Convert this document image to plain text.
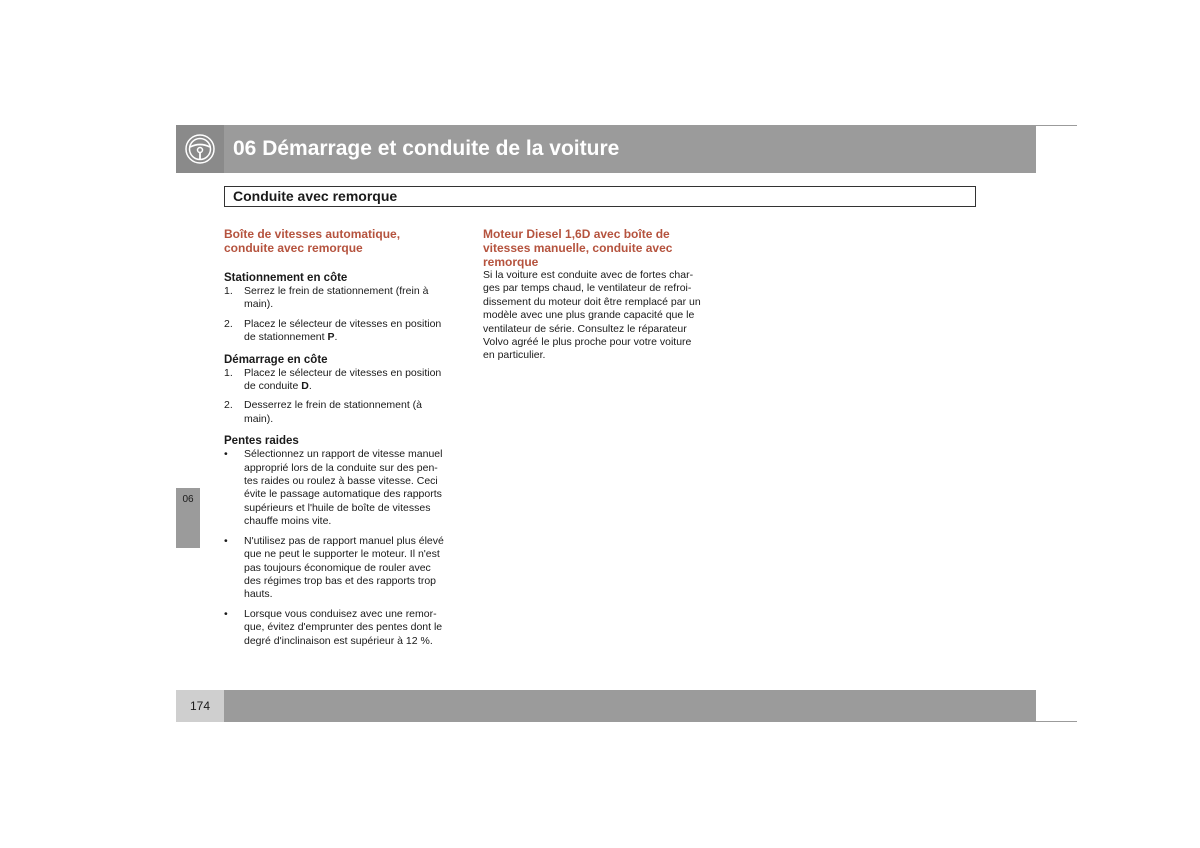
06 Démarrage et conduite de la voiture
Conduite avec remorque
06
Boîte de vitesses automatique,
conduite avec remorque
Stationnement en côte
1. Serrez le frein de stationnement (frein à
main).
2. Placez le sélecteur de vitesses en position
de stationnement P.
Démarrage en côte
1. Placez le sélecteur de vitesses en position
de conduite D.
2. Desserrez le frein de stationnement (à
main).
Pentes raides
• Sélectionnez un rapport de vitesse manuel
approprié lors de la conduite sur des pen-
tes raides ou roulez à basse vitesse. Ceci
évite le passage automatique des rapports
supérieurs et l'huile de boîte de vitesses
chauffe moins vite.
• N'utilisez pas de rapport manuel plus élevé
que ne peut le supporter le moteur. Il n'est
pas toujours économique de rouler avec
des régimes trop bas et des rapports trop
hauts.
• Lorsque vous conduisez avec une remor-
que, évitez d'emprunter des pentes dont le
degré d'inclinaison est supérieur à 12 %.
Moteur Diesel 1,6D avec boîte de
vitesses manuelle, conduite avec
remorque
Si la voiture est conduite avec de fortes char-
ges par temps chaud, le ventilateur de refroi-
dissement du moteur doit être remplacé par un
modèle avec une plus grande capacité que le
ventilateur de série. Consultez le réparateur
Volvo agréé le plus proche pour votre voiture
en particulier.
174
